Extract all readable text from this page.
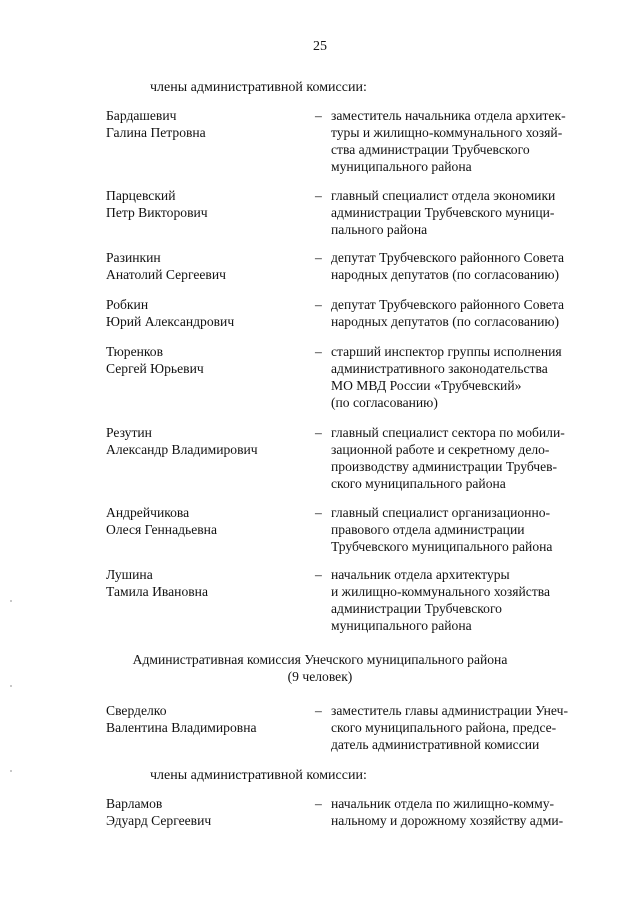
25
члены административной комиссии:
Бардашевич
Галина Петровна
– заместитель начальника отдела архитек-
туры и жилищно-коммунального хозяй-
ства администрации Трубчевского
муниципального района
Парцевский
Петр Викторович
– главный специалист отдела экономики
администрации Трубчевского муници-
пального района
Разинкин
Анатолий Сергеевич
– депутат Трубчевского районного Совета
народных депутатов (по согласованию)
Робкин
Юрий Александрович
– депутат Трубчевского районного Совета
народных депутатов (по согласованию)
Тюренков
Сергей Юрьевич
– старший инспектор группы исполнения
административного законодательства
МО МВД России «Трубчевский»
(по согласованию)
Резутин
Александр Владимирович
– главный специалист сектора по мобили-
зационной работе и секретному дело-
производству администрации Трубчев-
ского муниципального района
Андрейчикова
Олеся Геннадьевна
– главный специалист организационно-
правового отдела администрации
Трубчевского муниципального района
Лушина
Тамила Ивановна
– начальник отдела архитектуры
и жилищно-коммунального хозяйства
администрации Трубчевского
муниципального района
Административная комиссия Унечского муниципального района
(9 человек)
Сверделко
Валентина Владимировна
– заместитель главы администрации Унеч-
ского муниципального района, предсе-
датель административной комиссии
члены административной комиссии:
Варламов
Эдуард Сергеевич
– начальник отдела по жилищно-комму-
нальному и дорожному хозяйству адми-
